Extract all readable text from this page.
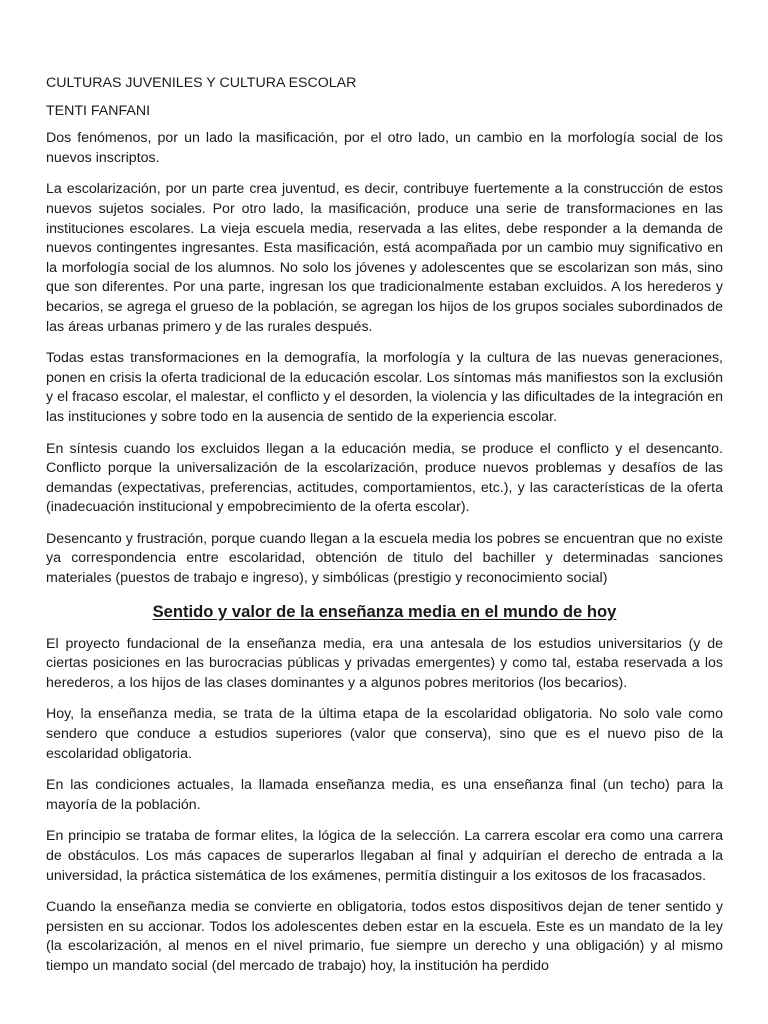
CULTURAS JUVENILES Y CULTURA ESCOLAR

TENTI FANFANI

Dos fenómenos, por un lado la masificación, por el otro lado, un cambio en la morfología social de los nuevos inscriptos.

La escolarización, por un parte crea juventud, es decir, contribuye fuertemente a la construcción de estos nuevos sujetos sociales. Por otro lado, la masificación, produce una serie de transformaciones en las instituciones escolares. La vieja escuela media, reservada a las elites, debe responder a la demanda de nuevos contingentes ingresantes. Esta masificación, está acompañada por un cambio muy significativo en la morfología social de los alumnos. No solo los jóvenes y adolescentes que se escolarizan son más, sino que son diferentes. Por una parte, ingresan los que tradicionalmente estaban excluidos. A los herederos y becarios, se agrega el grueso de la población, se agregan los hijos de los grupos sociales subordinados de las áreas urbanas primero y de las rurales después.

Todas estas transformaciones en la demografía, la morfología y la cultura de las nuevas generaciones, ponen en crisis la oferta tradicional de la educación escolar. Los síntomas más manifiestos son la exclusión y el fracaso escolar, el malestar, el conflicto y el desorden, la violencia y las dificultades de la integración en las instituciones y sobre todo en la ausencia de sentido de la experiencia escolar.

En síntesis cuando los excluidos llegan a la educación media, se produce el conflicto y el desencanto. Conflicto porque la universalización de la escolarización, produce nuevos problemas y desafíos de las demandas (expectativas, preferencias, actitudes, comportamientos, etc.), y las características de la oferta (inadecuación institucional y empobrecimiento de la oferta escolar).

Desencanto y frustración, porque cuando llegan a la escuela media los pobres se encuentran que no existe ya correspondencia entre escolaridad, obtención de titulo del bachiller y determinadas sanciones materiales (puestos de trabajo e ingreso), y simbólicas (prestigio y reconocimiento social)

Sentido y valor de la enseñanza media en el mundo de hoy

El proyecto fundacional de la enseñanza media, era una antesala de los estudios universitarios (y de ciertas posiciones en las burocracias públicas y privadas emergentes) y como tal, estaba reservada a los herederos, a los hijos de las clases dominantes y a algunos pobres meritorios (los becarios).

Hoy, la enseñanza media, se trata de la última etapa de la escolaridad obligatoria. No solo vale como sendero que conduce a estudios superiores (valor que conserva), sino que es el nuevo piso de la escolaridad obligatoria.

En las condiciones actuales, la llamada enseñanza media, es una enseñanza final (un techo) para la mayoría de la población.

En principio se trataba de formar elites, la lógica de la selección. La carrera escolar era como una carrera de obstáculos. Los más capaces de superarlos llegaban al final y adquirían el derecho de entrada a la universidad, la práctica sistemática de los exámenes, permitía distinguir a los exitosos de los fracasados.

Cuando la enseñanza media se convierte en obligatoria, todos estos dispositivos dejan de tener sentido y persisten en su accionar. Todos los adolescentes deben estar en la escuela. Este es un mandato de la ley (la escolarización, al menos en el nivel primario, fue siempre un derecho y una obligación) y al mismo tiempo un mandato social (del mercado de trabajo) hoy, la institución ha perdido
